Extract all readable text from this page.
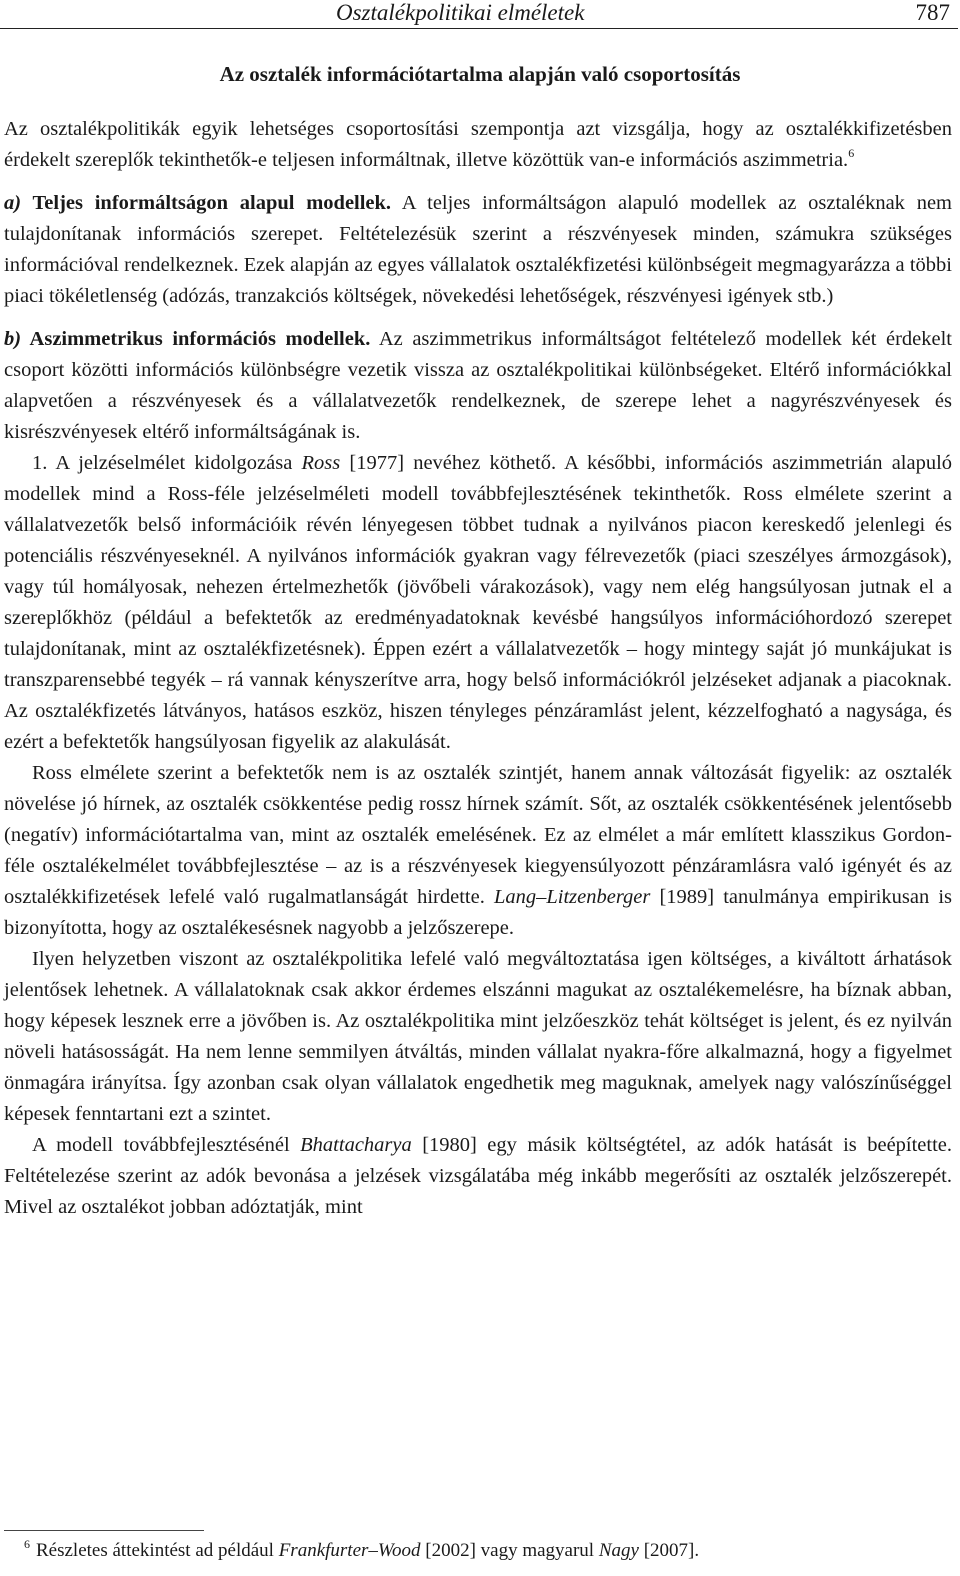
Osztalékpolitikai elméletek	787
Az osztalék információtartalma alapján való csoportosítás

Az osztalékpolitikák egyik lehetséges csoportosítási szempontja azt vizsgálja, hogy az osztalékkifizetésben érdekelt szereplők tekinthetők-e teljesen informáltnak, illetve közöttük van-e információs aszimmetria.$^6$

a) Teljes informáltságon alapul modellek. A teljes informáltságon alapuló modellek az osztaléknak nem tulajdonítanak információs szerepet. Feltételezésük szerint a részvényesek minden, számukra szükséges információval rendelkeznek. Ezek alapján az egyes vállalatok osztalékfizetési különbségeit megmagyarázza a többi piaci tökéletlenség (adózás, tranzakciós költségek, növekedési lehetőségek, részvényesi igények stb.)

b) Aszimmetrikus információs modellek. Az aszimmetrikus informáltságot feltételező modellek két érdekelt csoport közötti információs különbségre vezetik vissza az osztalékpolitikai különbségeket. Eltérő információkkal alapvetően a részvényesek és a vállalatvezetők rendelkeznek, de szerepe lehet a nagyrészvényesek és kisrészvényesek eltérő informáltságának is.

1. A jelzéselmélet kidolgozása Ross [1977] nevéhez köthető. A későbbi, információs aszimmetrián alapuló modellek mind a Ross-féle jelzéselméleti modell továbbfejlesztésének tekinthetők. Ross elmélete szerint a vállalatvezetők belső információik révén lényegesen többet tudnak a nyilvános piacon kereskedő jelenlegi és potenciális részvényeseknél. A nyilvános információk gyakran vagy félrevezetők (piaci szeszélyes ármozgások), vagy túl homályosak, nehezen értelmezhetők (jövőbeli várakozások), vagy nem elég hangsúlyosan jutnak el a szereplőkhöz (például a befektetők az eredményadatoknak kevésbé hangsúlyos információhordozó szerepet tulajdonítanak, mint az osztalékfizetésnek). Éppen ezért a vállalatvezetők – hogy mintegy saját jó munkájukat is transzparensebbé tegyék – rá vannak kényszerítve arra, hogy belső információkról jelzéseket adjanak a piacoknak. Az osztalékfizetés látványos, hatásos eszköz, hiszen tényleges pénzáramlást jelent, kézzelfogható a nagysága, és ezért a befektetők hangsúlyosan figyelik az alakulását.

Ross elmélete szerint a befektetők nem is az osztalék szintjét, hanem annak változását figyelik: az osztalék növelése jó hírnek, az osztalék csökkentése pedig rossz hírnek számít. Sőt, az osztalék csökkentésének jelentősebb (negatív) információtartalma van, mint az osztalék emelésének. Ez az elmélet a már említett klasszikus Gordon-féle osztalékelmélet továbbfejlesztése – az is a részvényesek kiegyensúlyozott pénzáramlásra való igényét és az osztalékkifizetések lefelé való rugalmatlanságát hirdette. Lang–Litzenberger [1989] tanulmánya empirikusan is bizonyította, hogy az osztalékesésnek nagyobb a jelzőszerepe.

Ilyen helyzetben viszont az osztalékpolitika lefelé való megváltoztatása igen költséges, a kiváltott árhatások jelentősek lehetnek. A vállalatoknak csak akkor érdemes elszánni magukat az osztalékemelésre, ha bíznak abban, hogy képesek lesznek erre a jövőben is. Az osztalékpolitika mint jelzőeszköz tehát költséget is jelent, és ez nyilván növeli hatásosságát. Ha nem lenne semmilyen átváltás, minden vállalat nyakra-főre alkalmazná, hogy a figyelmet önmagára irányítsa. Így azonban csak olyan vállalatok engedhetik meg maguknak, amelyek nagy valószínűséggel képesek fenntartani ezt a szintet.

A modell továbbfejlesztésénél Bhattacharya [1980] egy másik költségtétel, az adók hatását is beépítette. Feltételezése szerint az adók bevonása a jelzések vizsgálatába még inkább megerősíti az osztalék jelzőszerepét. Mivel az osztalékot jobban adóztatják, mint

$^6$ Részletes áttekintést ad például Frankfurter–Wood [2002] vagy magyarul Nagy [2007].
